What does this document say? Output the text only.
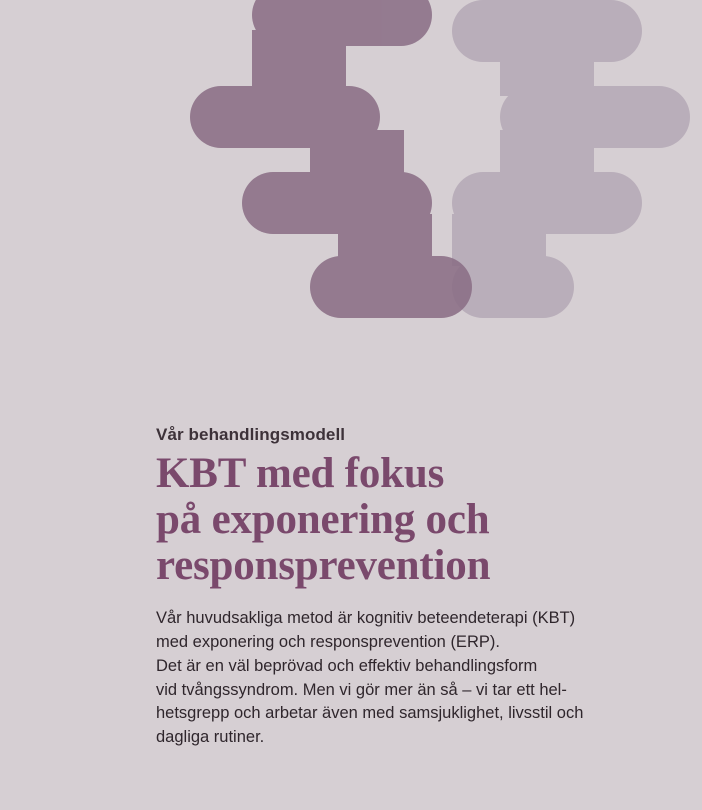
Vår behandlingsmodell

KBT med fokus
på exponering och
responsprevention

Vår huvudsakliga metod är kognitiv beteendeterapi (KBT)
med exponering och responsprevention (ERP).
Det är en väl beprövad och effektiv behandlingsform
vid tvångssyndrom. Men vi gör mer än så – vi tar ett hel-
hetsgrepp och arbetar även med samsjuklighet, livsstil och
dagliga rutiner.
